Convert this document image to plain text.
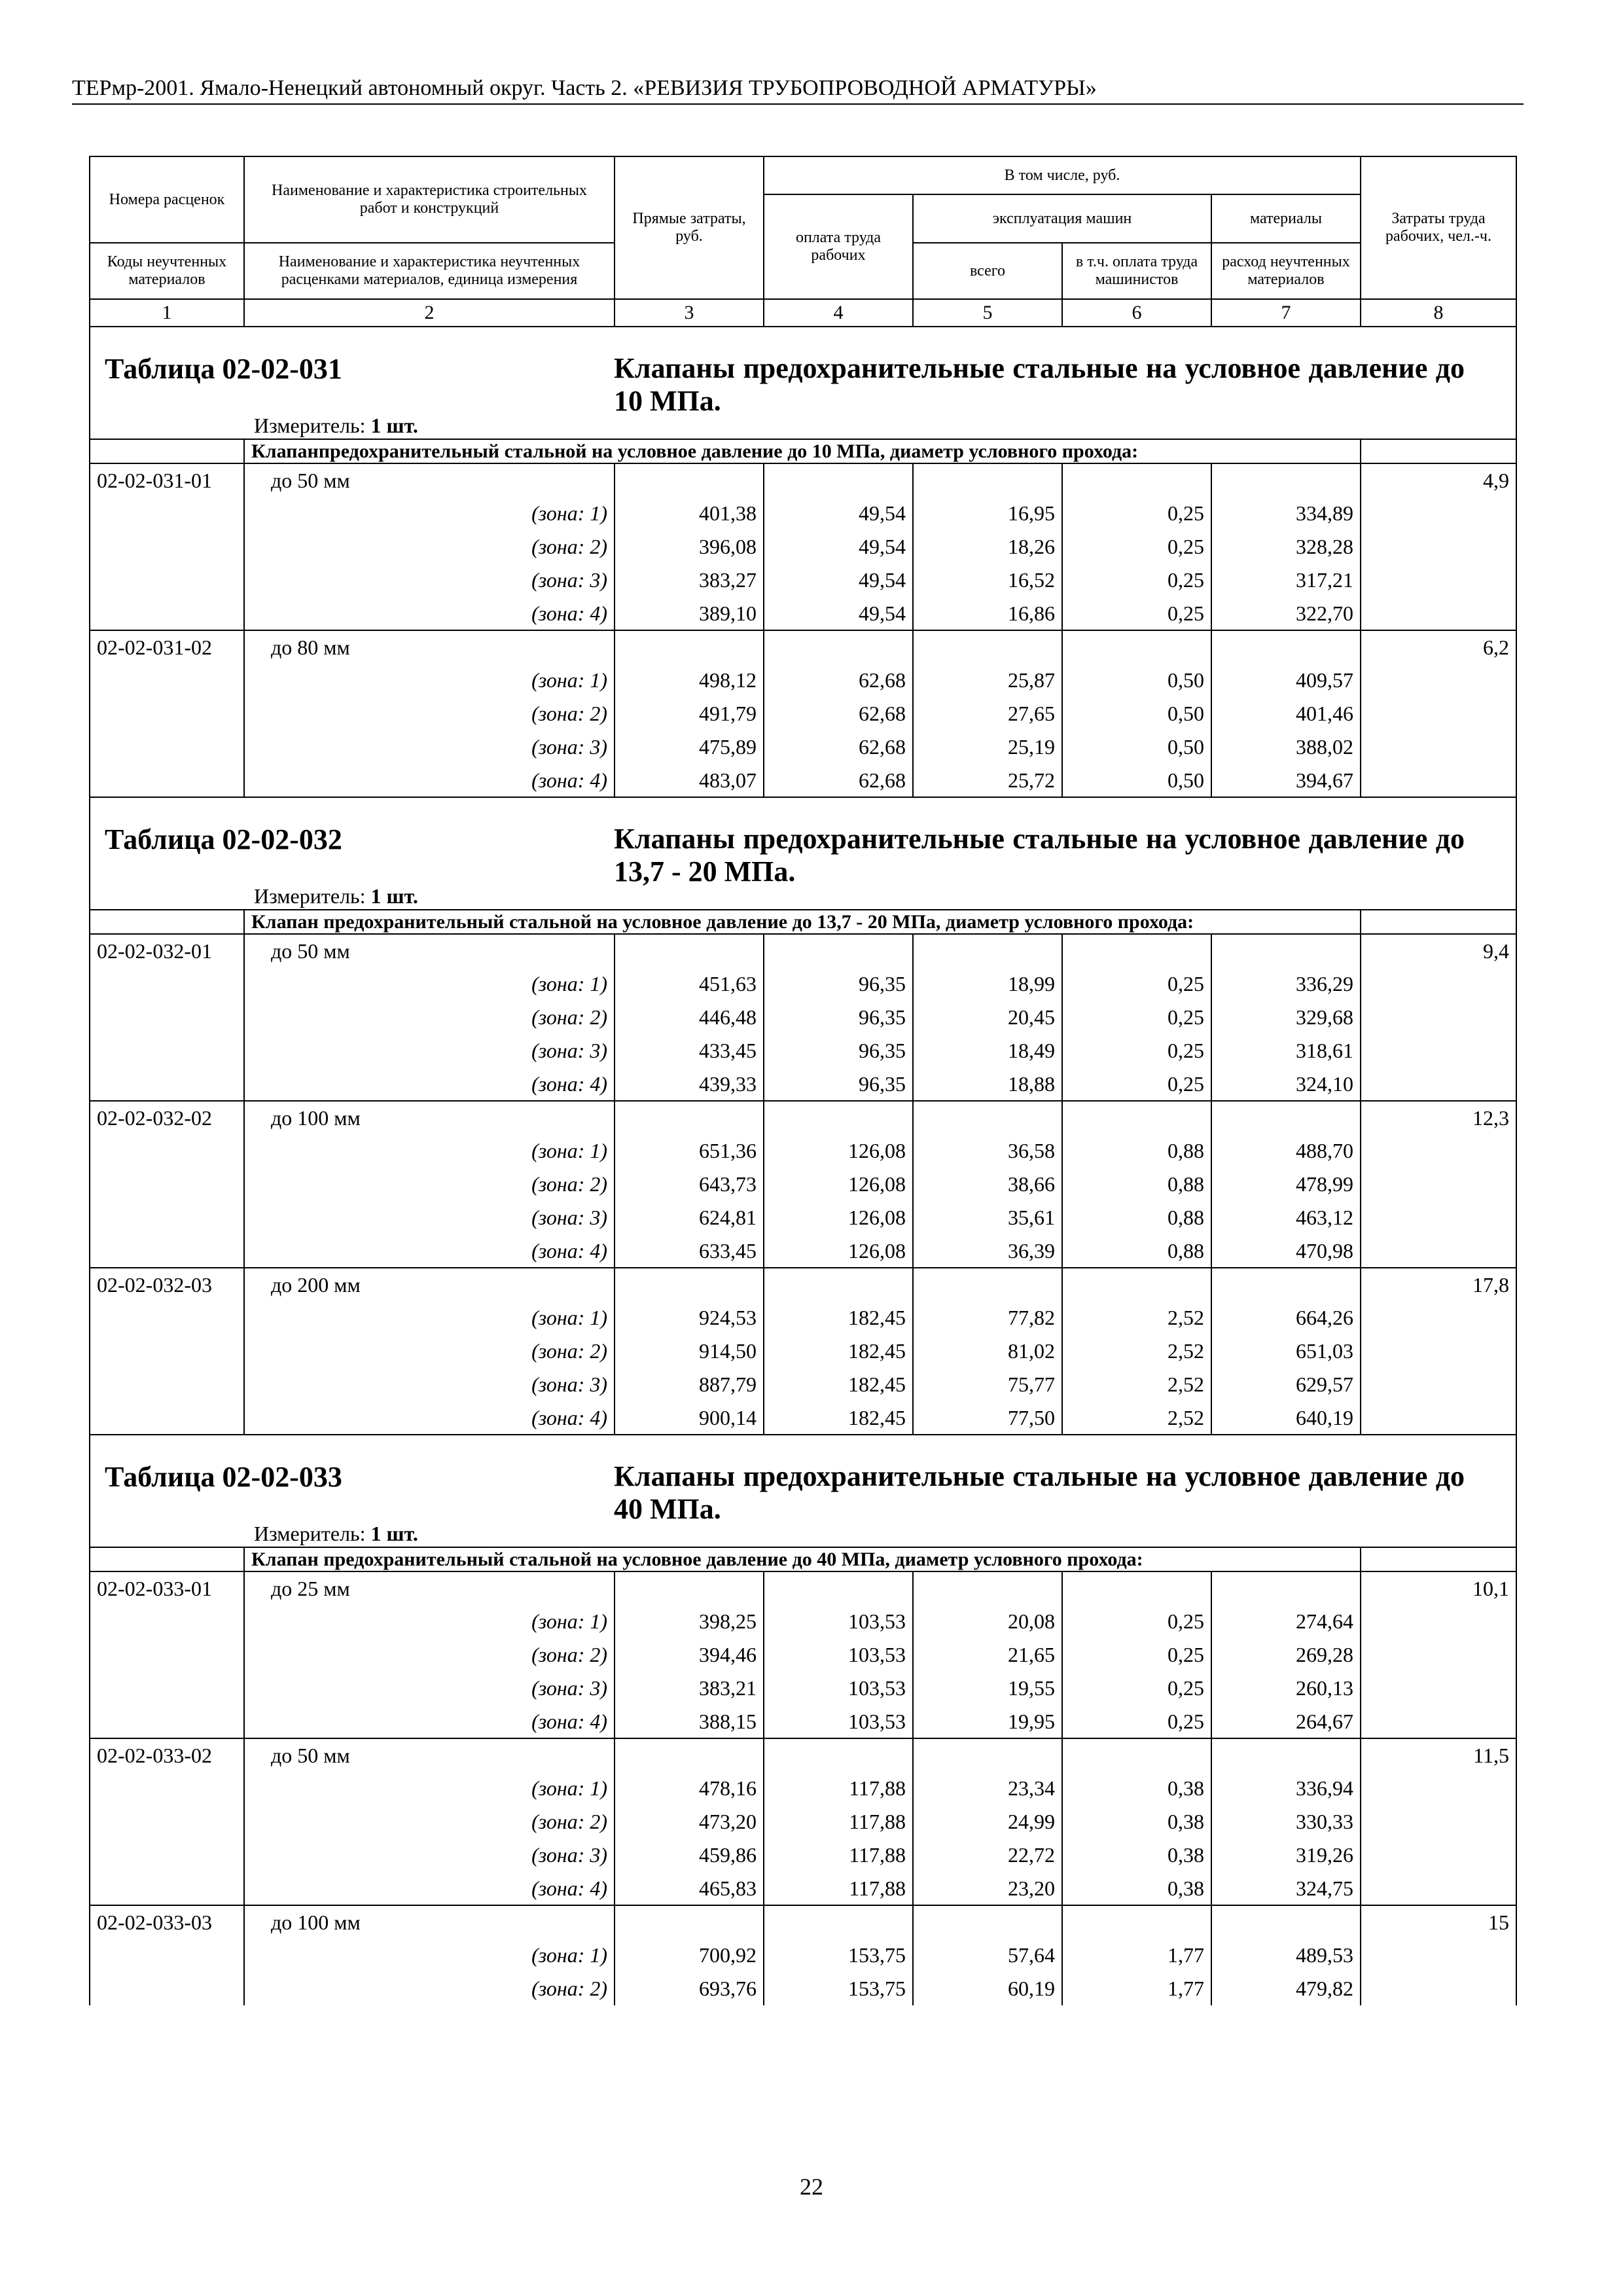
ТЕРмр-2001. Ямало-Ненецкий автономный округ. Часть 2. «РЕВИЗИЯ ТРУБОПРОВОДНОЙ АРМАТУРЫ»
Номера расценок	Наименование и характеристика строительных работ и конструкций	Прямые затраты, руб.	В том числе, руб.				Затраты труда рабочих, чел.-ч.
			оплата труда рабочих	эксплуатация машин		материалы	
Коды неучтенных материалов	Наименование и характеристика неучтенных расценками материалов, единица измерения			всего	в т.ч. оплата труда машинистов	расход неучтенных материалов	

1	2	3	4	5	6	7	8

Таблица 02-02-031 Клапаны предохранительные стальные на условное давление до 10 МПа.
Измеритель: 1 шт.							

	Клапанпредохранительный стальной на условное давление до 10 МПа, диаметр условного прохода:						
02-02-031-01	до 50 мм						4,9
	(зона: 1)	401,38	49,54	16,95	0,25	334,89	
	(зона: 2)	396,08	49,54	18,26	0,25	328,28	
	(зона: 3)	383,27	49,54	16,52	0,25	317,21	
	(зона: 4)	389,10	49,54	16,86	0,25	322,70	
02-02-031-02	до 80 мм						6,2
	(зона: 1)	498,12	62,68	25,87	0,50	409,57	
	(зона: 2)	491,79	62,68	27,65	0,50	401,46	
	(зона: 3)	475,89	62,68	25,19	0,50	388,02	
	(зона: 4)	483,07	62,68	25,72	0,50	394,67	

Таблица 02-02-032 Клапаны предохранительные стальные на условное давление до 13,7 - 20 МПа.
Измеритель: 1 шт.							

	Клапан предохранительный стальной на условное давление до 13,7 - 20 МПа, диаметр условного прохода:						
02-02-032-01	до 50 мм						9,4
	(зона: 1)	451,63	96,35	18,99	0,25	336,29	
	(зона: 2)	446,48	96,35	20,45	0,25	329,68	
	(зона: 3)	433,45	96,35	18,49	0,25	318,61	
	(зона: 4)	439,33	96,35	18,88	0,25	324,10	
02-02-032-02	до 100 мм						12,3
	(зона: 1)	651,36	126,08	36,58	0,88	488,70	
	(зона: 2)	643,73	126,08	38,66	0,88	478,99	
	(зона: 3)	624,81	126,08	35,61	0,88	463,12	
	(зона: 4)	633,45	126,08	36,39	0,88	470,98	
02-02-032-03	до 200 мм						17,8
	(зона: 1)	924,53	182,45	77,82	2,52	664,26	
	(зона: 2)	914,50	182,45	81,02	2,52	651,03	
	(зона: 3)	887,79	182,45	75,77	2,52	629,57	
	(зона: 4)	900,14	182,45	77,50	2,52	640,19	

Таблица 02-02-033 Клапаны предохранительные стальные на условное давление до 40 МПа.
Измеритель: 1 шт.							

	Клапан предохранительный стальной на условное давление до 40 МПа, диаметр условного прохода:						
02-02-033-01	до 25 мм						10,1
	(зона: 1)	398,25	103,53	20,08	0,25	274,64	
	(зона: 2)	394,46	103,53	21,65	0,25	269,28	
	(зона: 3)	383,21	103,53	19,55	0,25	260,13	
	(зона: 4)	388,15	103,53	19,95	0,25	264,67	
02-02-033-02	до 50 мм						11,5
	(зона: 1)	478,16	117,88	23,34	0,38	336,94	
	(зона: 2)	473,20	117,88	24,99	0,38	330,33	
	(зона: 3)	459,86	117,88	22,72	0,38	319,26	
	(зона: 4)	465,83	117,88	23,20	0,38	324,75	
02-02-033-03	до 100 мм						15
	(зона: 1)	700,92	153,75	57,64	1,77	489,53	
	(зона: 2)	693,76	153,75	60,19	1,77	479,82	
22
